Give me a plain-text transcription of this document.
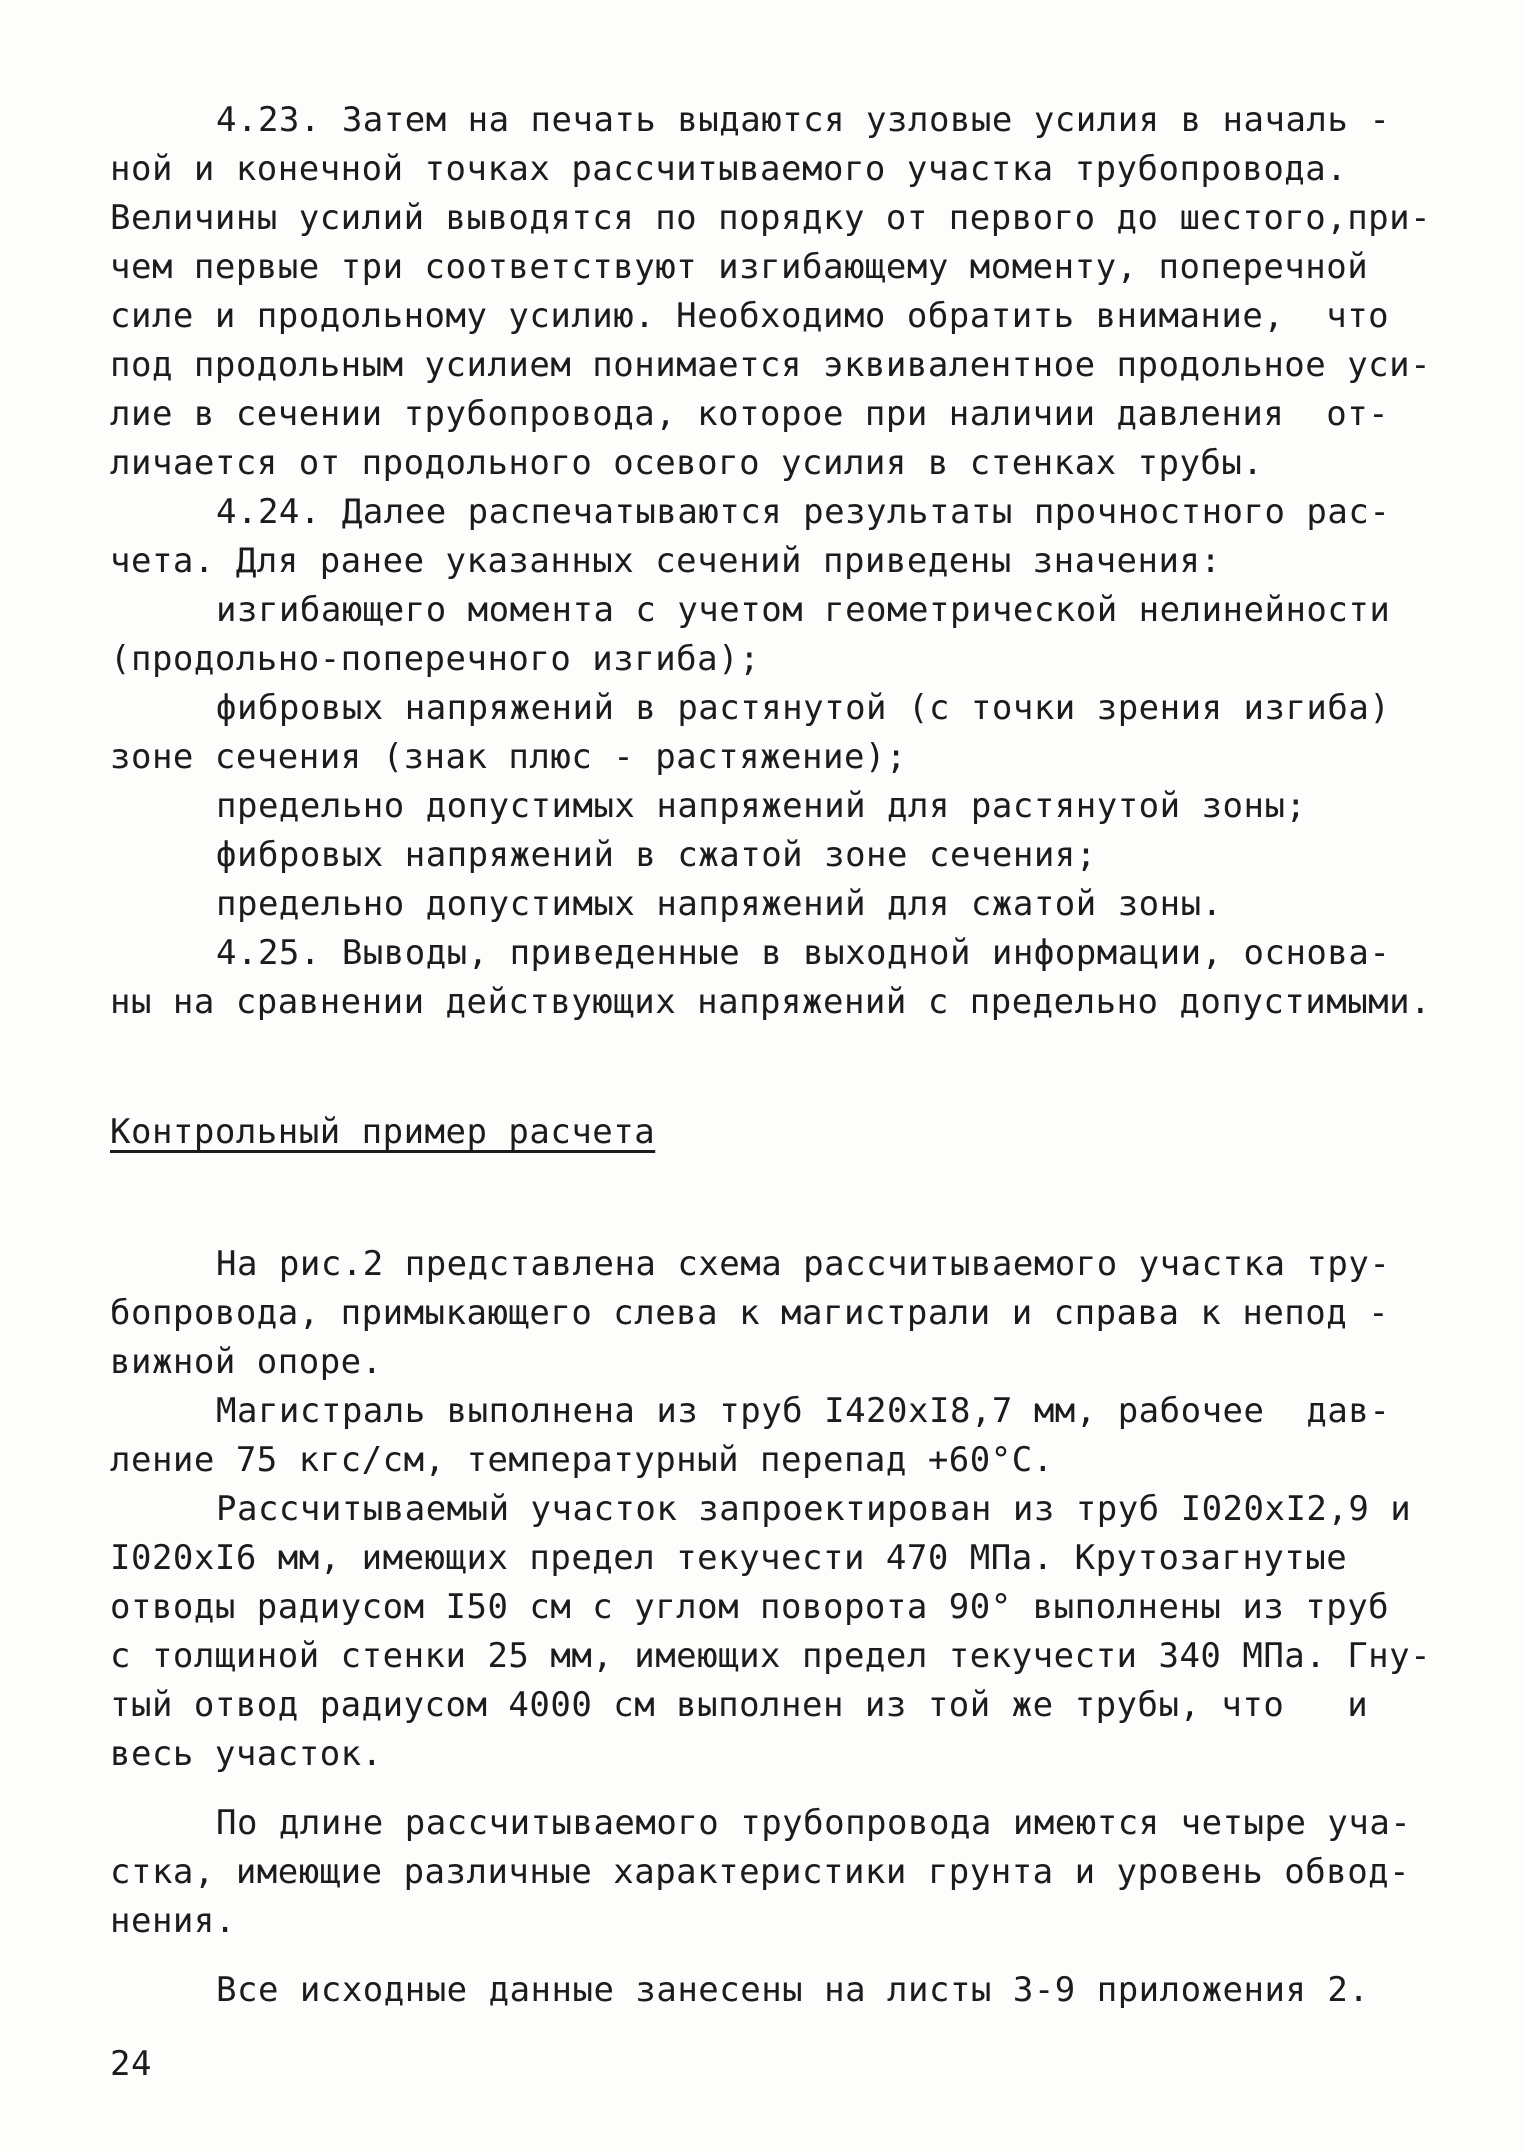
4.23. Затем на печать выдаются узловые усилия в началь -
ной и конечной точках рассчитываемого участка трубопровода.
Величины усилий выводятся по порядку от первого до шестого,при-
чем первые три соответствуют изгибающему моменту, поперечной
силе и продольному усилию. Необходимо обратить внимание,  что
под продольным усилием понимается эквивалентное продольное уси-
лие в сечении трубопровода, которое при наличии давления  от-
личается от продольного осевого усилия в стенках трубы.
4.24. Далее распечатываются результаты прочностного рас-
чета. Для ранее указанных сечений приведены значения:
изгибающего момента с учетом геометрической нелинейности
(продольно-поперечного изгиба);
фибровых напряжений в растянутой (с точки зрения изгиба)
зоне сечения (знак плюс - растяжение);
предельно допустимых напряжений для растянутой зоны;
фибровых напряжений в сжатой зоне сечения;
предельно допустимых напряжений для сжатой зоны.
4.25. Выводы, приведенные в выходной информации, основа-
ны на сравнении действующих напряжений с предельно допустимыми.
Контрольный пример расчета
На рис.2 представлена схема рассчитываемого участка тру-
бопровода, примыкающего слева к магистрали и справа к непод -
вижной опоре.
Магистраль выполнена из труб I420xI8,7 мм, рабочее  дав-
ление 75 кгс/см, температурный перепад +60°С.
Рассчитываемый участок запроектирован из труб I020xI2,9 и
I020xI6 мм, имеющих предел текучести 470 МПа. Крутозагнутые
отводы радиусом I50 см с углом поворота 90° выполнены из труб
с толщиной стенки 25 мм, имеющих предел текучести 340 МПа. Гну-
тый отвод радиусом 4000 см выполнен из той же трубы, что   и
весь участок.
По длине рассчитываемого трубопровода имеются четыре уча-
стка, имеющие различные характеристики грунта и уровень обвод-
нения.
Все исходные данные занесены на листы 3-9 приложения 2.
24
